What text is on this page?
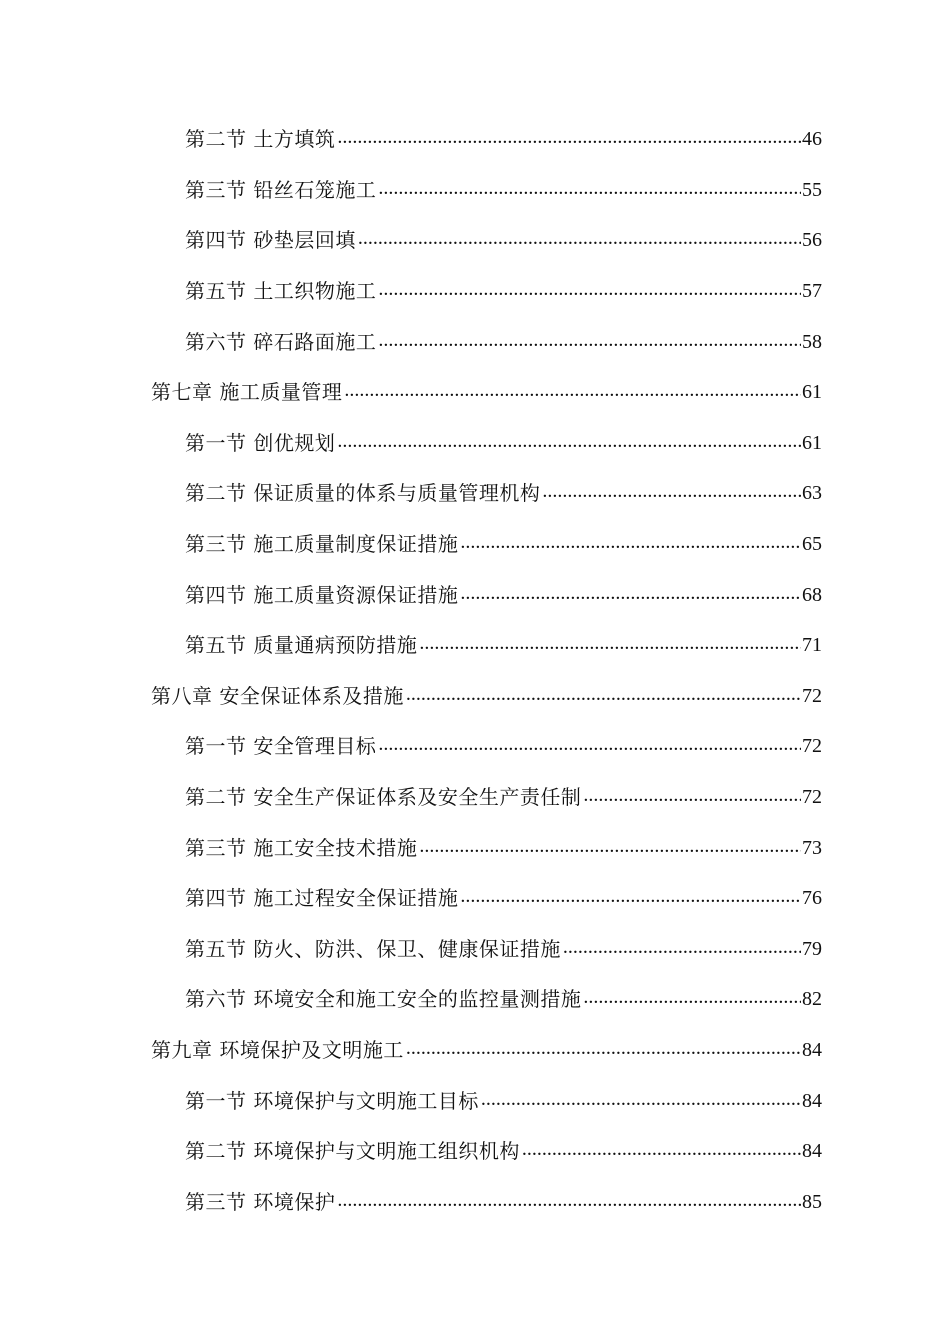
第二节 土方填筑 .....	46
第三节 铅丝石笼施工 .....	55
第四节 砂垫层回填 .....	56
第五节 土工织物施工 .....	57
第六节 碎石路面施工 .....	58
第七章 施工质量管理 .....	61
第一节 创优规划 .....	61
第二节 保证质量的体系与质量管理机构 .....	63
第三节 施工质量制度保证措施 .....	65
第四节 施工质量资源保证措施 .....	68
第五节 质量通病预防措施 .....	71
第八章 安全保证体系及措施 .....	72
第一节 安全管理目标 .....	72
第二节 安全生产保证体系及安全生产责任制 .....	72
第三节 施工安全技术措施 .....	73
第四节 施工过程安全保证措施 .....	76
第五节 防火、防洪、保卫、健康保证措施 .....	79
第六节 环境安全和施工安全的监控量测措施 .....	82
第九章 环境保护及文明施工 .....	84
第一节 环境保护与文明施工目标 .....	84
第二节 环境保护与文明施工组织机构 .....	84
第三节 环境保护 .....	85
